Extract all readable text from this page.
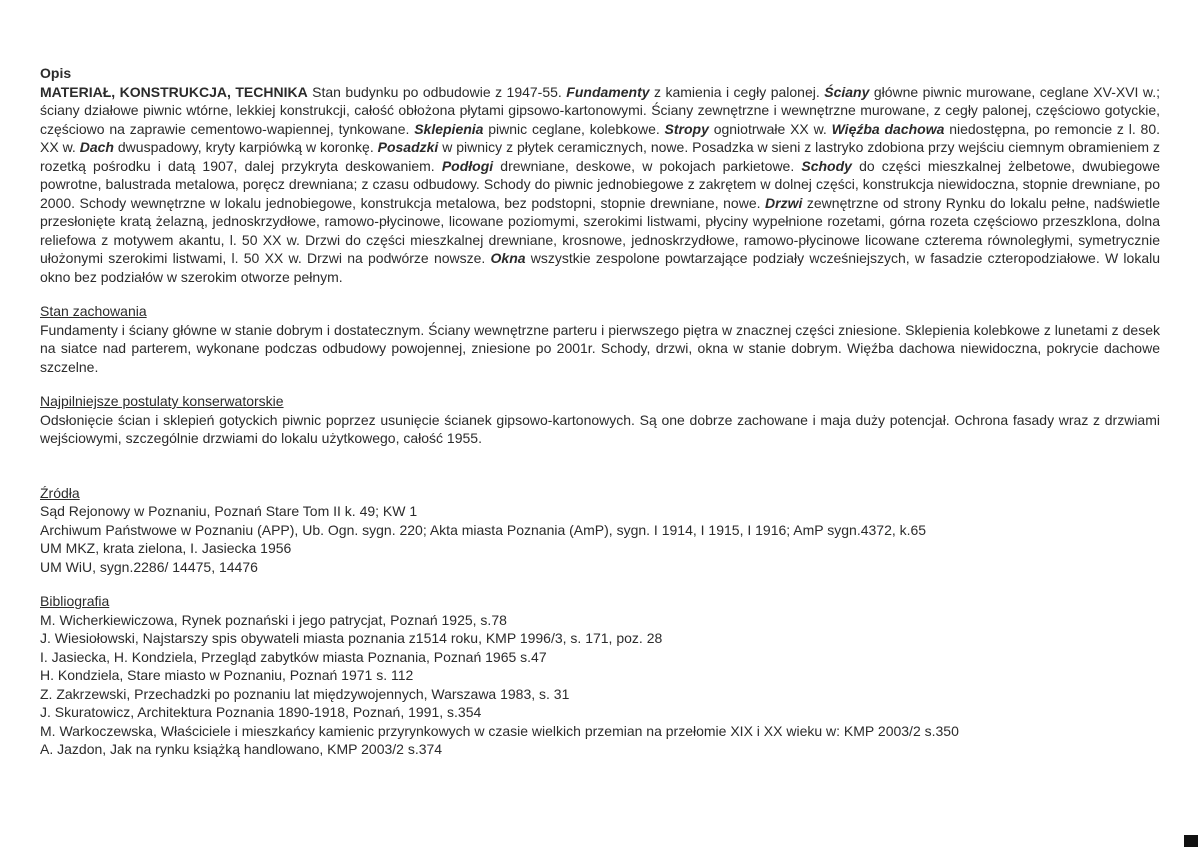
Opis

MATERIAŁ, KONSTRUKCJA, TECHNIKA Stan budynku po odbudowie z 1947-55. Fundamenty z kamienia i cegły palonej. Ściany główne piwnic murowane, ceglane XV-XVI w.; ściany działowe piwnic wtórne, lekkiej konstrukcji, całość obłożona płytami gipsowo-kartonowymi. Ściany zewnętrzne i wewnętrzne murowane, z cegły palonej, częściowo gotyckie, częściowo na zaprawie cementowo-wapiennej, tynkowane. Sklepienia piwnic ceglane, kolebkowe. Stropy ogniotrwałe XX w. Więźba dachowa niedostępna, po remoncie z l. 80. XX w. Dach dwuspadowy, kryty karpiówką w koronkę. Posadzki w piwnicy z płytek ceramicznych, nowe. Posadzka w sieni z lastryko zdobiona przy wejściu ciemnym obramieniem z rozetką pośrodku i datą 1907, dalej przykryta deskowaniem. Podłogi drewniane, deskowe, w pokojach parkietowe. Schody do części mieszkalnej żelbetowe, dwubiegowe powrotne, balustrada metalowa, poręcz drewniana; z czasu odbudowy. Schody do piwnic jednobiegowe z zakrętem w dolnej części, konstrukcja niewidoczna, stopnie drewniane, po 2000. Schody wewnętrzne w lokalu jednobiegowe, konstrukcja metalowa, bez podstopni, stopnie drewniane, nowe. Drzwi zewnętrzne od strony Rynku do lokalu pełne, nadświetle przesłonięte kratą żelazną, jednoskrzydłowe, ramowo-płycinowe, licowane poziomymi, szerokimi listwami, płyciny wypełnione rozetami, górna rozeta częściowo przeszklona, dolna reliefowa z motywem akantu, l. 50 XX w. Drzwi do części mieszkalnej drewniane, krosnowe, jednoskrzydłowe, ramowo-płycinowe licowane czterema równoległymi, symetrycznie ułożonymi szerokimi listwami, l. 50 XX w. Drzwi na podwórze nowsze. Okna wszystkie zespolone powtarzające podziały wcześniejszych, w fasadzie czteropodziałowe. W lokalu okno bez podziałów w szerokim otworze pełnym.

Stan zachowania

Fundamenty i ściany główne w stanie dobrym i dostatecznym. Ściany wewnętrzne parteru i pierwszego piętra w znacznej części zniesione. Sklepienia kolebkowe z lunetami z desek na siatce nad parterem, wykonane podczas odbudowy powojennej, zniesione po 2001r. Schody, drzwi, okna w stanie dobrym. Więźba dachowa niewidoczna, pokrycie dachowe szczelne.

Najpilniejsze postulaty konserwatorskie

Odsłonięcie ścian i sklepień gotyckich piwnic poprzez usunięcie ścianek gipsowo-kartonowych. Są one dobrze zachowane i maja duży potencjał. Ochrona fasady wraz z drzwiami wejściowymi, szczególnie drzwiami do lokalu użytkowego, całość 1955.

Źródła

Sąd Rejonowy w Poznaniu, Poznań Stare Tom II k. 49; KW 1

Archiwum Państwowe w Poznaniu (APP), Ub. Ogn. sygn. 220; Akta miasta Poznania (AmP), sygn. I 1914, I 1915, I 1916; AmP sygn.4372, k.65

UM MKZ, krata zielona, I. Jasiecka 1956

UM WiU, sygn.2286/ 14475, 14476

Bibliografia

M. Wicherkiewiczowa, Rynek poznański i jego patrycjat, Poznań 1925, s.78

J. Wiesiołowski, Najstarszy spis obywateli miasta poznania z1514 roku, KMP 1996/3, s. 171, poz. 28

I. Jasiecka, H. Kondziela, Przegląd zabytków miasta Poznania, Poznań 1965 s.47

H. Kondziela, Stare miasto w Poznaniu, Poznań 1971 s. 112

Z. Zakrzewski, Przechadzki po poznaniu lat międzywojennych, Warszawa 1983, s. 31

J. Skuratowicz, Architektura Poznania 1890-1918, Poznań, 1991, s.354

M. Warkoczewska, Właściciele i mieszkańcy kamienic przyrynkowych w czasie wielkich przemian na przełomie XIX i XX wieku w: KMP 2003/2 s.350

A. Jazdon, Jak na rynku książką handlowano, KMP 2003/2 s.374
